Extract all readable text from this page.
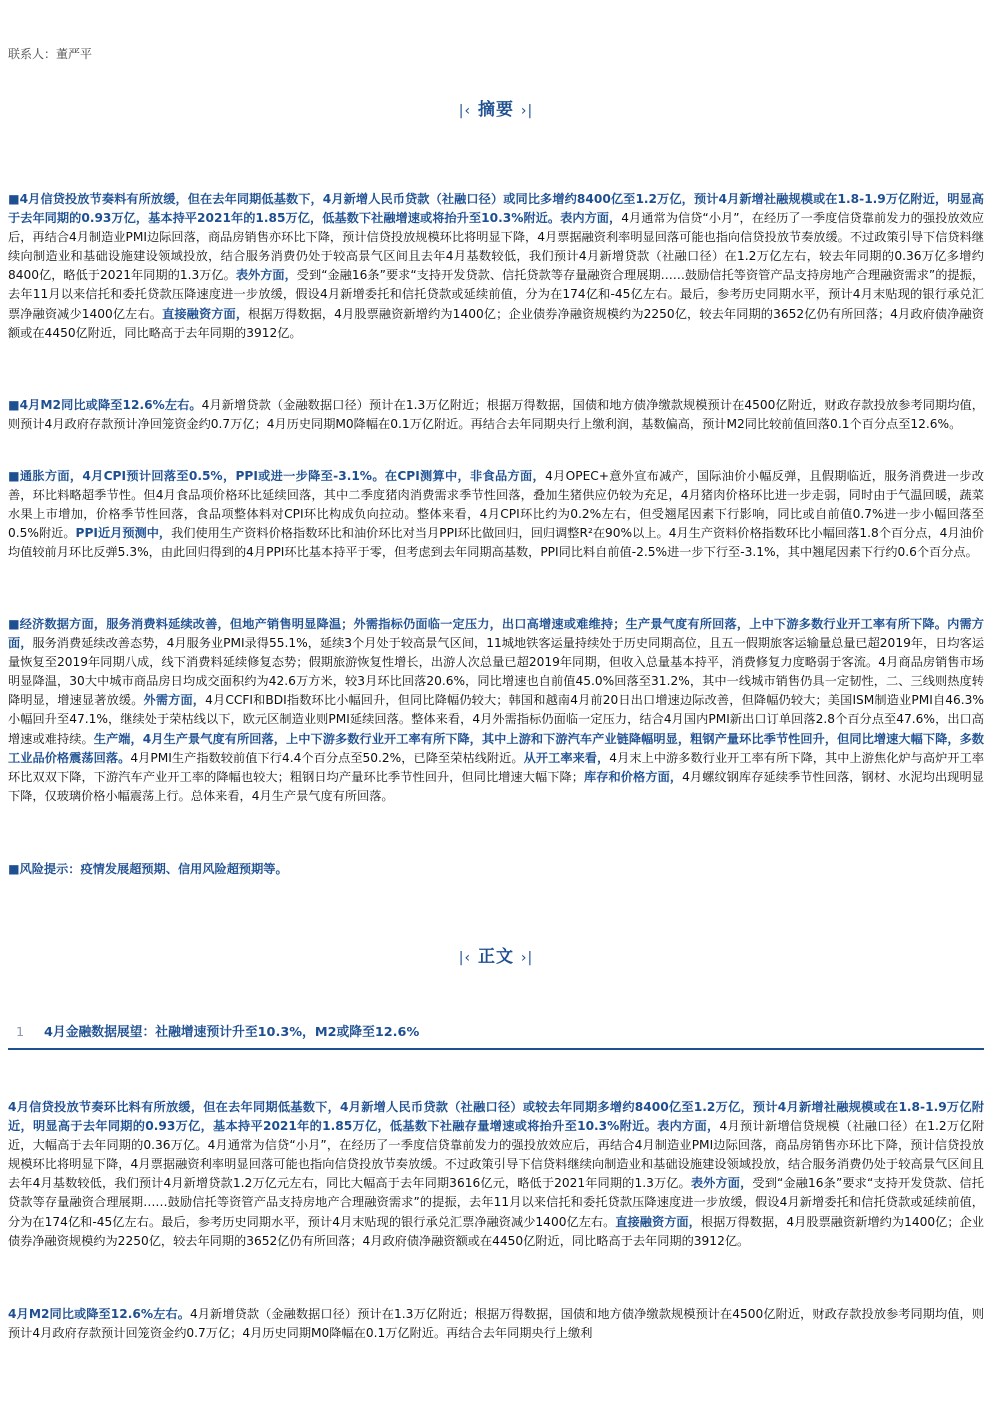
联系人：董严平
|‹ 摘要 ›|

■4月信贷投放节奏料有所放缓，但在去年同期低基数下，4月新增人民币贷款（社融口径）或同比多增约8400亿至1.2万亿，预计4月新增社融规模或在1.8-1.9万亿附近，明显高于去年同期的0.93万亿，基本持平2021年的1.85万亿，低基数下社融增速或将抬升至10.3%附近。表内方面，4月通常为信贷“小月”，在经历了一季度信贷靠前发力的强投放效应后，再结合4月制造业PMI边际回落，商品房销售亦环比下降，预计信贷投放规模环比将明显下降，4月票据融资利率明显回落可能也指向信贷投放节奏放缓。不过政策引导下信贷料继续向制造业和基础设施建设领域投放，结合服务消费仍处于较高景气区间且去年4月基数较低，我们预计4月新增贷款（社融口径）在1.2万亿左右，较去年同期的0.36万亿多增约8400亿，略低于2021年同期的1.3万亿。表外方面，受到“金融16条”要求“支持开发贷款、信托贷款等存量融资合理展期……鼓励信托等资管产品支持房地产合理融资需求”的提振，去年11月以来信托和委托贷款压降速度进一步放缓，假设4月新增委托和信托贷款或延续前值，分为在174亿和-45亿左右。最后，参考历史同期水平，预计4月末贴现的银行承兑汇票净融资减少1400亿左右。直接融资方面，根据万得数据，4月股票融资新增约为1400亿；企业债券净融资规模约为2250亿，较去年同期的3652亿仍有所回落；4月政府债净融资额或在4450亿附近，同比略高于去年同期的3912亿。

■4月M2同比或降至12.6%左右。4月新增贷款（金融数据口径）预计在1.3万亿附近；根据万得数据，国债和地方债净缴款规模预计在4500亿附近，财政存款投放参考同期均值，则预计4月政府存款预计净回笼资金约0.7万亿；4月历史同期M0降幅在0.1万亿附近。再结合去年同期央行上缴利润，基数偏高，预计M2同比较前值回落0.1个百分点至12.6%。

■通胀方面，4月CPI预计回落至0.5%，PPI或进一步降至-3.1%。在CPI测算中，非食品方面，4月OPEC+意外宣布减产，国际油价小幅反弹，且假期临近，服务消费进一步改善，环比料略超季节性。但4月食品项价格环比延续回落，其中二季度猪肉消费需求季节性回落，叠加生猪供应仍较为充足，4月猪肉价格环比进一步走弱，同时由于气温回暖，蔬菜水果上市增加，价格季节性回落，食品项整体料对CPI环比构成负向拉动。整体来看，4月CPI环比约为0.2%左右，但受翘尾因素下行影响，同比或自前值0.7%进一步小幅回落至0.5%附近。PPI近月预测中，我们使用生产资料价格指数环比和油价环比对当月PPI环比做回归，回归调整R²在90%以上。4月生产资料价格指数环比小幅回落1.8个百分点，4月油价均值较前月环比反弹5.3%，由此回归得到的4月PPI环比基本持平于零，但考虑到去年同期高基数，PPI同比料自前值-2.5%进一步下行至-3.1%，其中翘尾因素下行约0.6个百分点。

■经济数据方面，服务消费料延续改善，但地产销售明显降温；外需指标仍面临一定压力，出口高增速或难维持；生产景气度有所回落，上中下游多数行业开工率有所下降。内需方面，服务消费延续改善态势，4月服务业PMI录得55.1%，延续3个月处于较高景气区间，11城地铁客运量持续处于历史同期高位，且五一假期旅客运输量总量已超2019年，日均客运量恢复至2019年同期八成，线下消费料延续修复态势；假期旅游恢复性增长，出游人次总量已超2019年同期，但收入总量基本持平，消费修复力度略弱于客流。4月商品房销售市场明显降温，30大中城市商品房日均成交面积约为42.6万方米，较3月环比回落20.6%，同比增速也自前值45.0%回落至31.2%，其中一线城市销售仍具一定韧性，二、三线则热度转降明显，增速显著放缓。外需方面，4月CCFI和BDI指数环比小幅回升，但同比降幅仍较大；韩国和越南4月前20日出口增速边际改善，但降幅仍较大；美国ISM制造业PMI自46.3%小幅回升至47.1%，继续处于荣枯线以下，欧元区制造业则PMI延续回落。整体来看，4月外需指标仍面临一定压力，结合4月国内PMI新出口订单回落2.8个百分点至47.6%，出口高增速或难持续。生产端，4月生产景气度有所回落，上中下游多数行业开工率有所下降，其中上游和下游汽车产业链降幅明显，粗钢产量环比季节性回升，但同比增速大幅下降，多数工业品价格震荡回落。4月PMI生产指数较前值下行4.4个百分点至50.2%，已降至荣枯线附近。从开工率来看，4月末上中游多数行业开工率有所下降，其中上游焦化炉与高炉开工率环比双双下降，下游汽车产业开工率的降幅也较大；粗钢日均产量环比季节性回升，但同比增速大幅下降；库存和价格方面，4月螺纹钢库存延续季节性回落，钢材、水泥均出现明显下降，仅玻璃价格小幅震荡上行。总体来看，4月生产景气度有所回落。

■风险提示：疫情发展超预期、信用风险超预期等。

|‹ 正文 ›|
1 4月金融数据展望：社融增速预计升至10.3%，M2或降至12.6%

4月信贷投放节奏环比料有所放缓，但在去年同期低基数下，4月新增人民币贷款（社融口径）或较去年同期多增约8400亿至1.2万亿，预计4月新增社融规模或在1.8-1.9万亿附近，明显高于去年同期的0.93万亿，基本持平2021年的1.85万亿，低基数下社融存量增速或将抬升至10.3%附近。表内方面，4月预计新增信贷规模（社融口径）在1.2万亿附近，大幅高于去年同期的0.36万亿。4月通常为信贷“小月”，在经历了一季度信贷靠前发力的强投放效应后，再结合4月制造业PMI边际回落，商品房销售亦环比下降，预计信贷投放规模环比将明显下降，4月票据融资利率明显回落可能也指向信贷投放节奏放缓。不过政策引导下信贷料继续向制造业和基础设施建设领域投放，结合服务消费仍处于较高景气区间且去年4月基数较低，我们预计4月新增贷款1.2万亿元左右，同比大幅高于去年同期3616亿元，略低于2021年同期的1.3万亿。表外方面，受到“金融16条”要求“支持开发贷款、信托贷款等存量融资合理展期……鼓励信托等资管产品支持房地产合理融资需求”的提振，去年11月以来信托和委托贷款压降速度进一步放缓，假设4月新增委托和信托贷款或延续前值，分为在174亿和-45亿左右。最后，参考历史同期水平，预计4月末贴现的银行承兑汇票净融资减少1400亿左右。直接融资方面，根据万得数据，4月股票融资新增约为1400亿；企业债券净融资规模约为2250亿，较去年同期的3652亿仍有所回落；4月政府债净融资额或在4450亿附近，同比略高于去年同期的3912亿。

4月M2同比或降至12.6%左右。4月新增贷款（金融数据口径）预计在1.3万亿附近；根据万得数据，国债和地方债净缴款规模预计在4500亿附近，财政存款投放参考同期均值，则预计4月政府存款预计回笼资金约0.7万亿；4月历史同期M0降幅在0.1万亿附近。再结合去年同期央行上缴利
